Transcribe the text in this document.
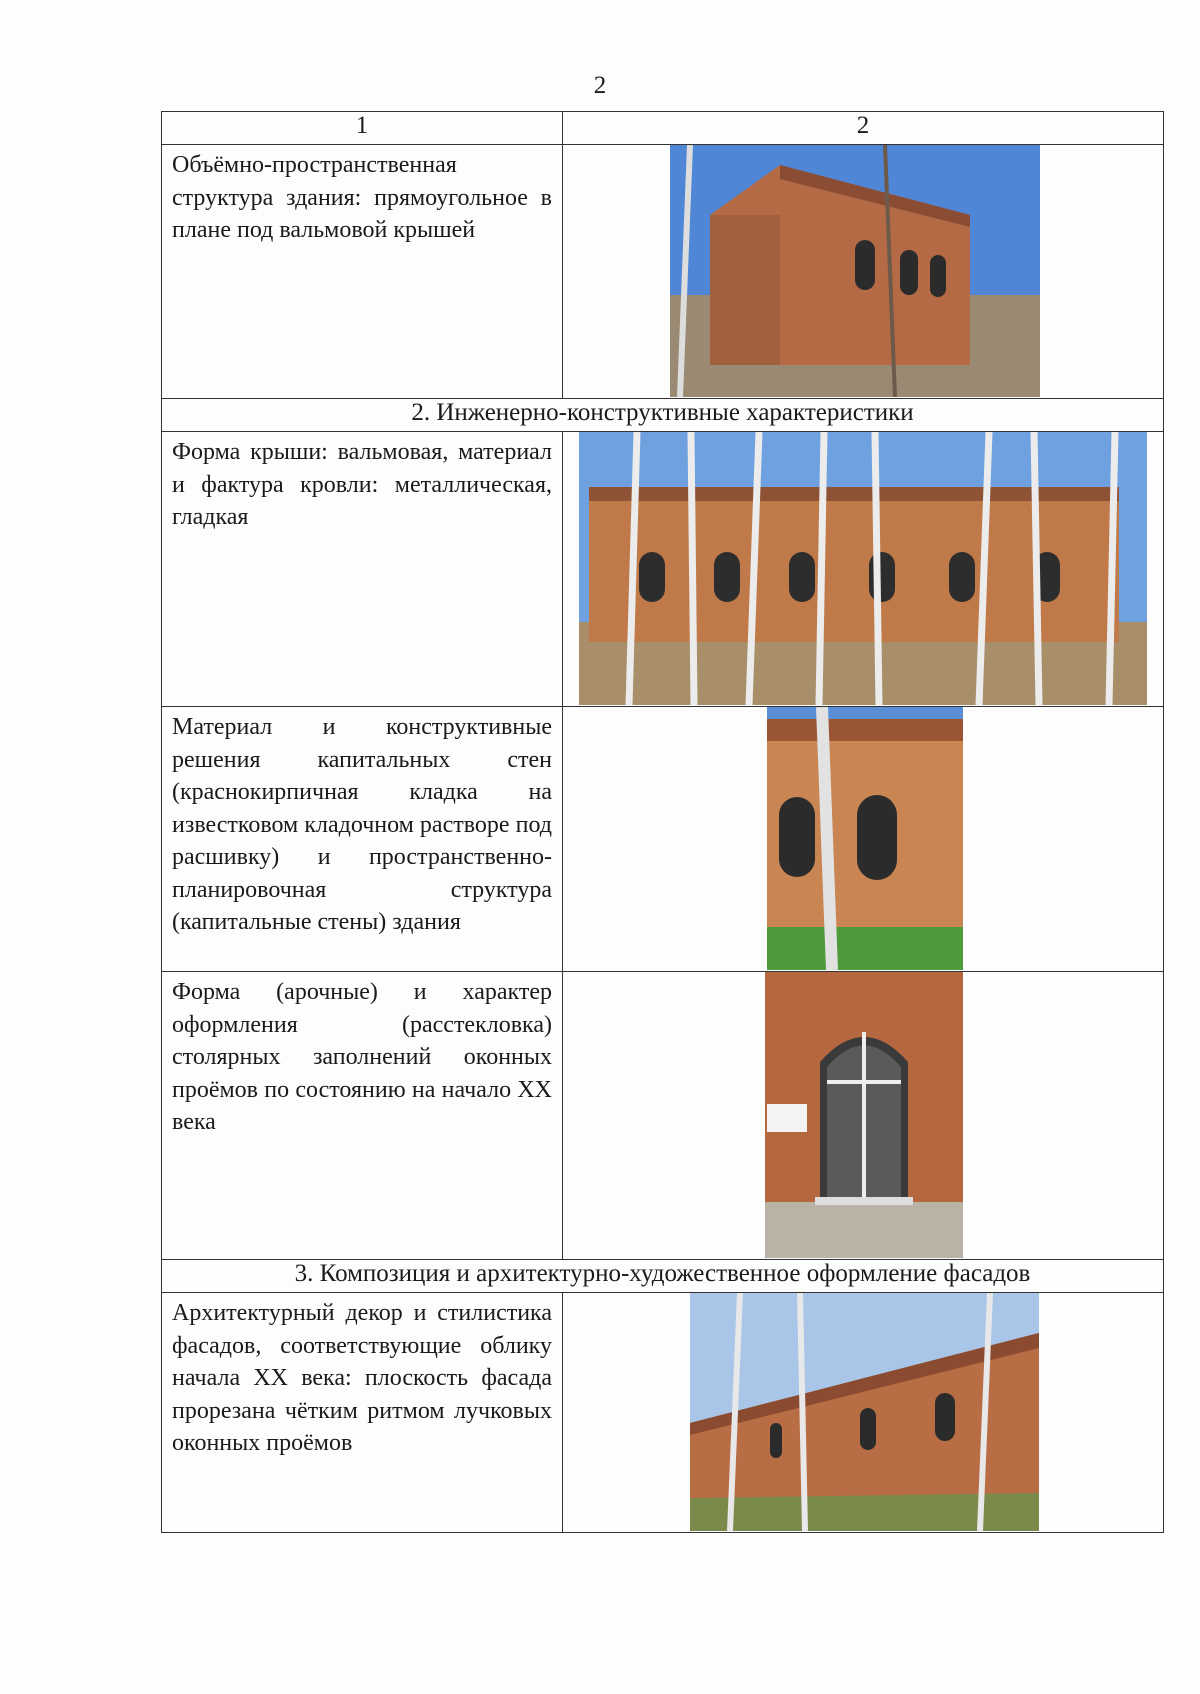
2
1	2

Объёмно-пространственная структура здания: прямоугольное в плане под вальмовой крышей

2. Инженерно-конструктивные характеристики	

Форма крыши: вальмовая, материал и фактура кровли: металлическая, гладкая

Материал и конструктивные решения капитальных стен (краснокирпичная кладка на известковом кладочном растворе под расшивку) и пространственно-планировочная структура (капитальные стены) здания

Форма (арочные) и характер оформления (расстекловка) столярных заполнений оконных проёмов по состоянию на начало XX века

3. Композиция и архитектурно-художественное оформление фасадов	

Архитектурный декор и стилистика фасадов, соответствующие облику начала XX века: плоскость фасада прорезана чётким ритмом лучковых оконных проёмов
